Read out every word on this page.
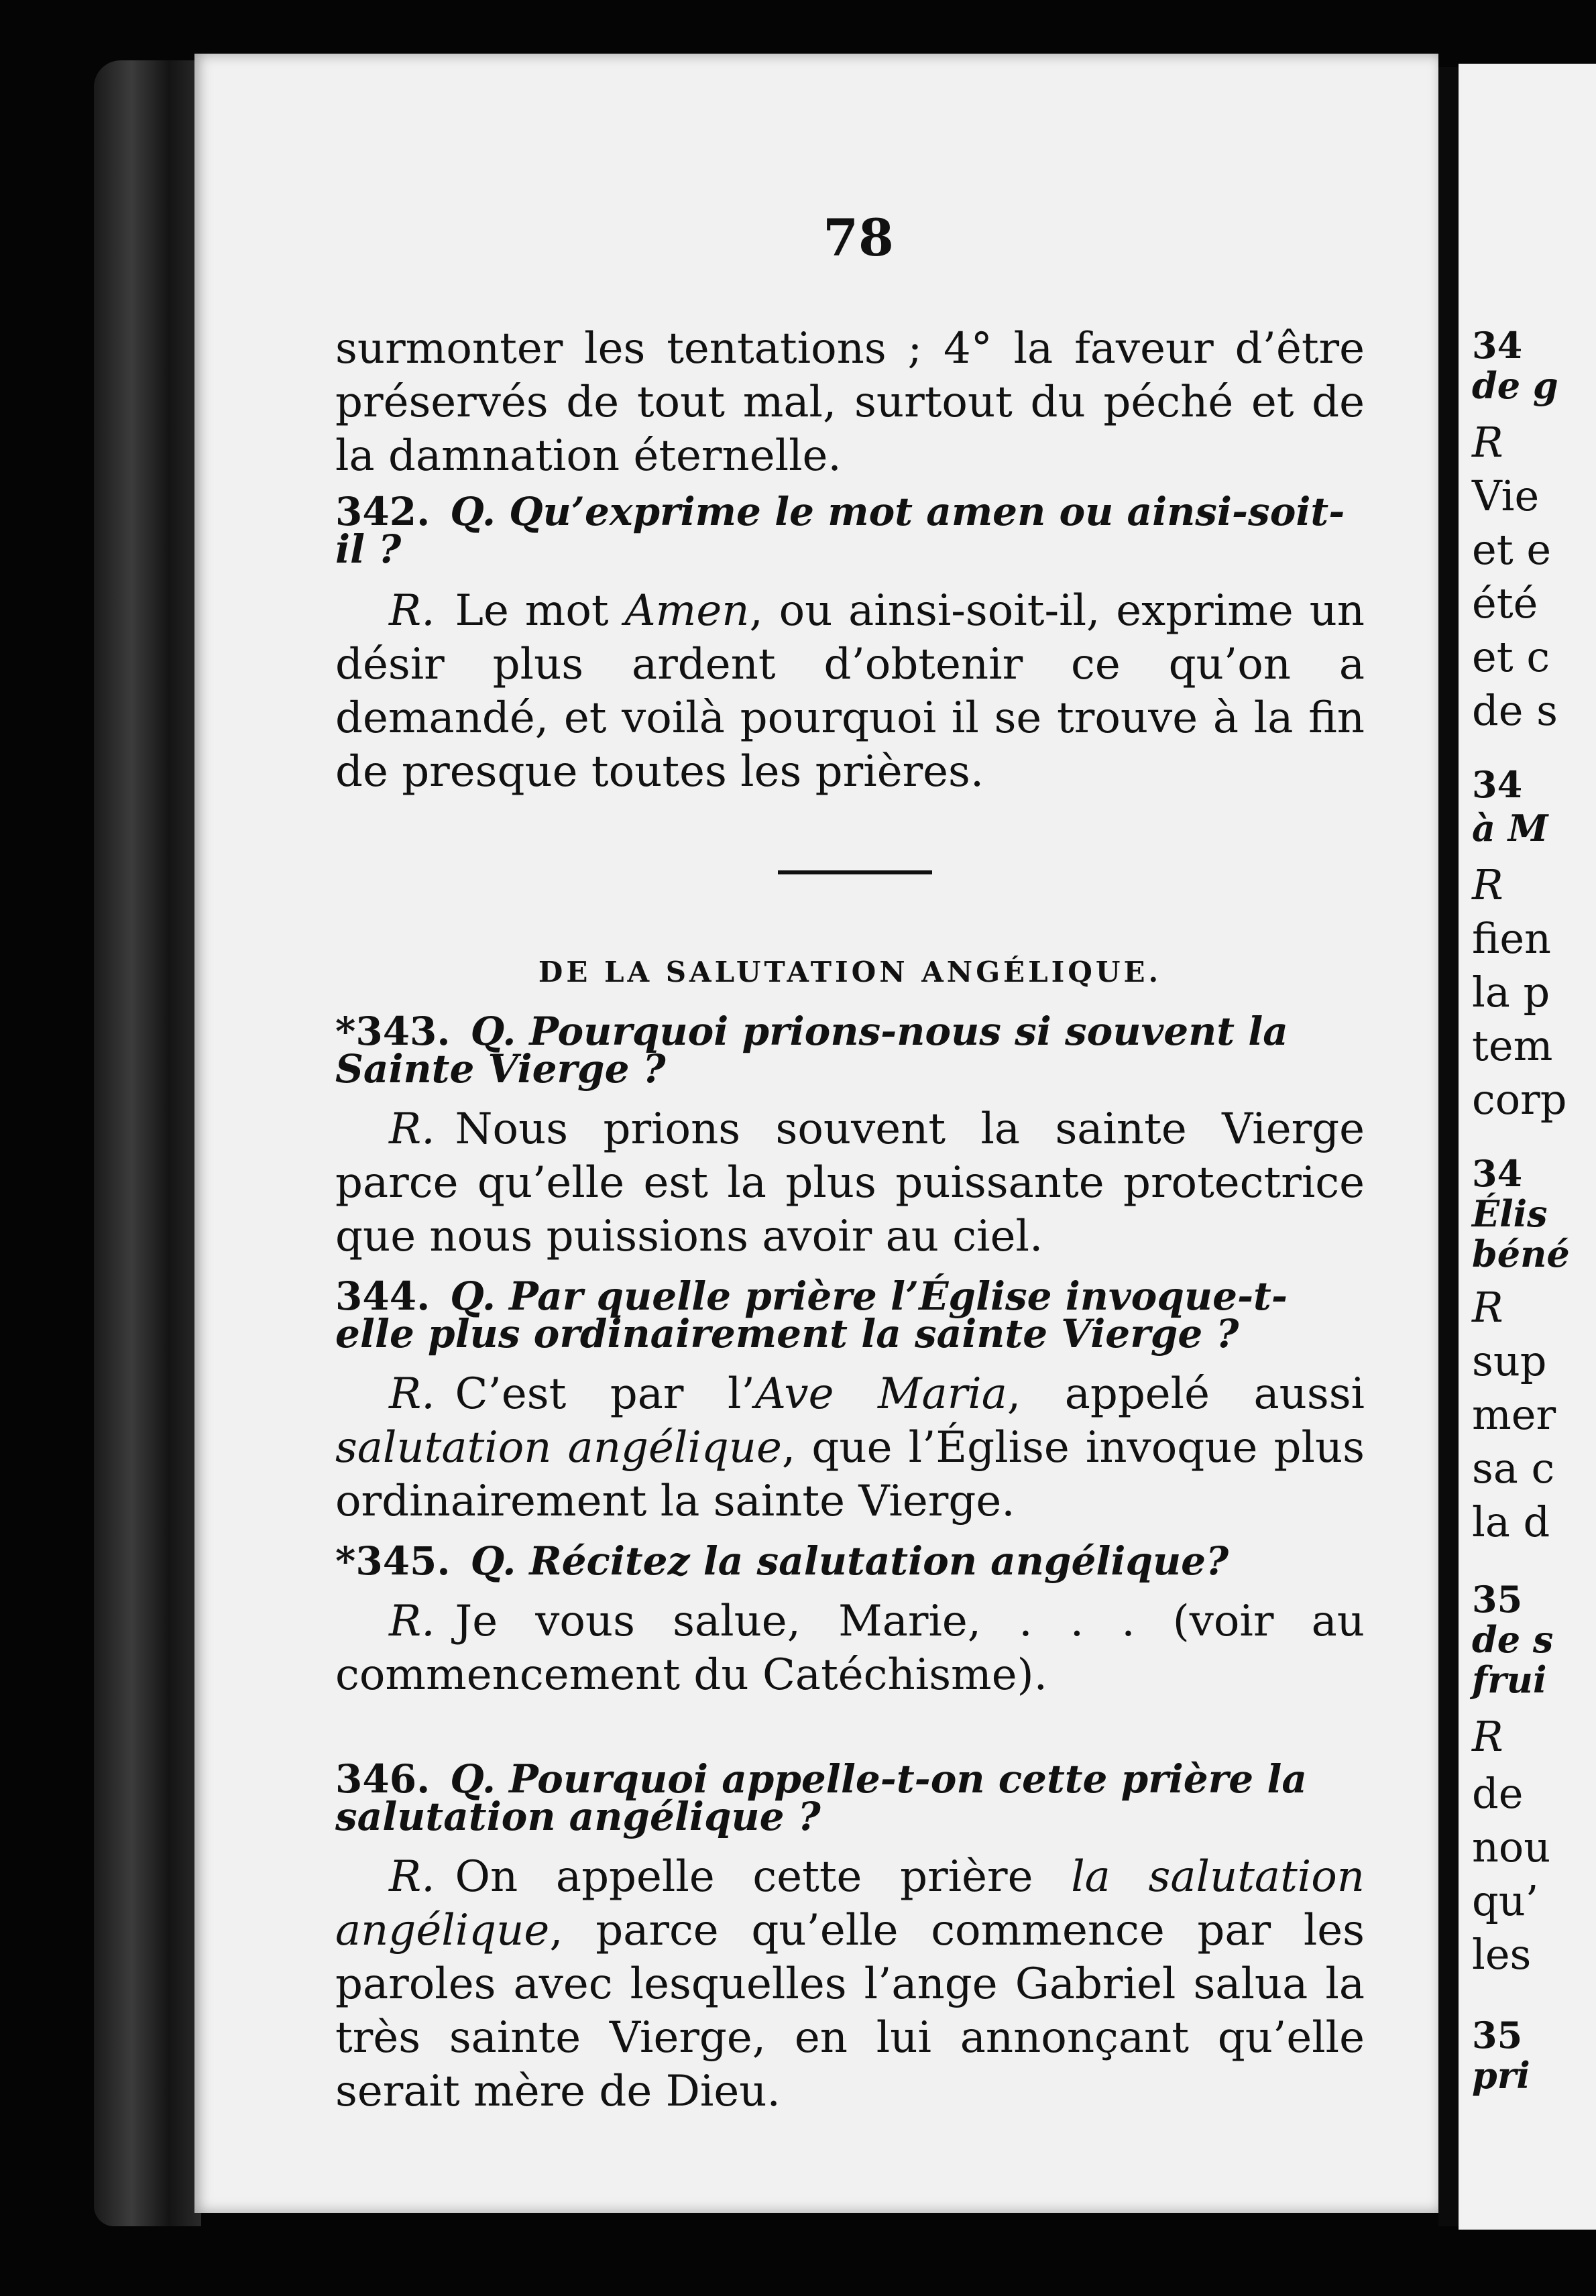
78

surmonter les tentations ; 4° la faveur d’être préservés de tout mal, surtout du péché et de la damnation éternelle.

342. Q. Qu’exprime le mot amen ou ainsi-soit-il ?

R. Le mot Amen, ou ainsi-soit-il, exprime un désir plus ardent d’obtenir ce qu’on a demandé, et voilà pourquoi il se trouve à la fin de presque toutes les prières.

DE LA SALUTATION ANGÉLIQUE.

*343. Q. Pourquoi prions-nous si souvent la Sainte Vierge ?

R. Nous prions souvent la sainte Vierge parce qu’elle est la plus puissante protectrice que nous puissions avoir au ciel.

344. Q. Par quelle prière l’Église invoque-t-elle plus ordinairement la sainte Vierge ?

R. C’est par l’Ave Maria, appelé aussi salutation angélique, que l’Église invoque plus ordinairement la sainte Vierge.

*345. Q. Récitez la salutation angélique?

R. Je vous salue, Marie, . . . (voir au commencement du Catéchisme).

346. Q. Pourquoi appelle-t-on cette prière la salutation angélique ?

R. On appelle cette prière la salutation angélique, parce qu’elle commence par les paroles avec lesquelles l’ange Gabriel salua la très sainte Vierge, en lui annonçant qu’elle serait mère de Dieu.

34
de g
R
Vie
et e
été
et c
de s
34
à M
R
fien
la p
tem
corp
34
Élis
béné
R
sup
mer
sa c
la d
35
de s
frui
R
de
nou
qu’
les
35
pri
